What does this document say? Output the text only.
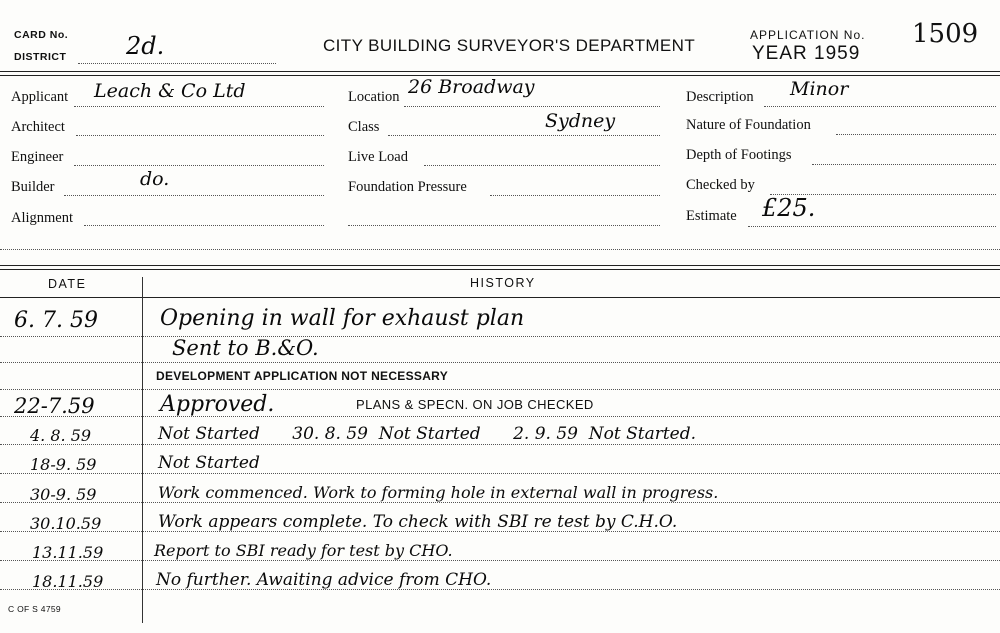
CARD No.
DISTRICT 2d.	CITY BUILDING SURVEYOR'S DEPARTMENT
APPLICATION No.
YEAR 1959
1509
Applicant Leach & Co Ltd
Architect
Engineer
Builder	do.
Alignment
Location 26 Broadway
Class	Sydney
Live Load
Foundation Pressure
Description Minor
Nature of Foundation
Depth of Footings
Checked by
Estimate £25.
DATE	HISTORY
6. 7. 59	Opening in wall for exhaust plan
Sent to B.&O.
DEVELOPMENT APPLICATION NOT NECESSARY
22-7.59	Approved.	PLANS & SPECN. ON JOB CHECKED
4. 8. 59	Not Started      30. 8. 59  Not Started      2. 9. 59  Not Started.
18-9. 59	Not Started
30-9. 59	Work commenced. Work to forming hole in external wall in progress.
30.10.59	Work appears complete. To check with SBI re test by C.H.O.
13.11.59	Report to SBI ready for test by CHO.
18.11.59	No further. Awaiting advice from CHO.
C OF S 4759
